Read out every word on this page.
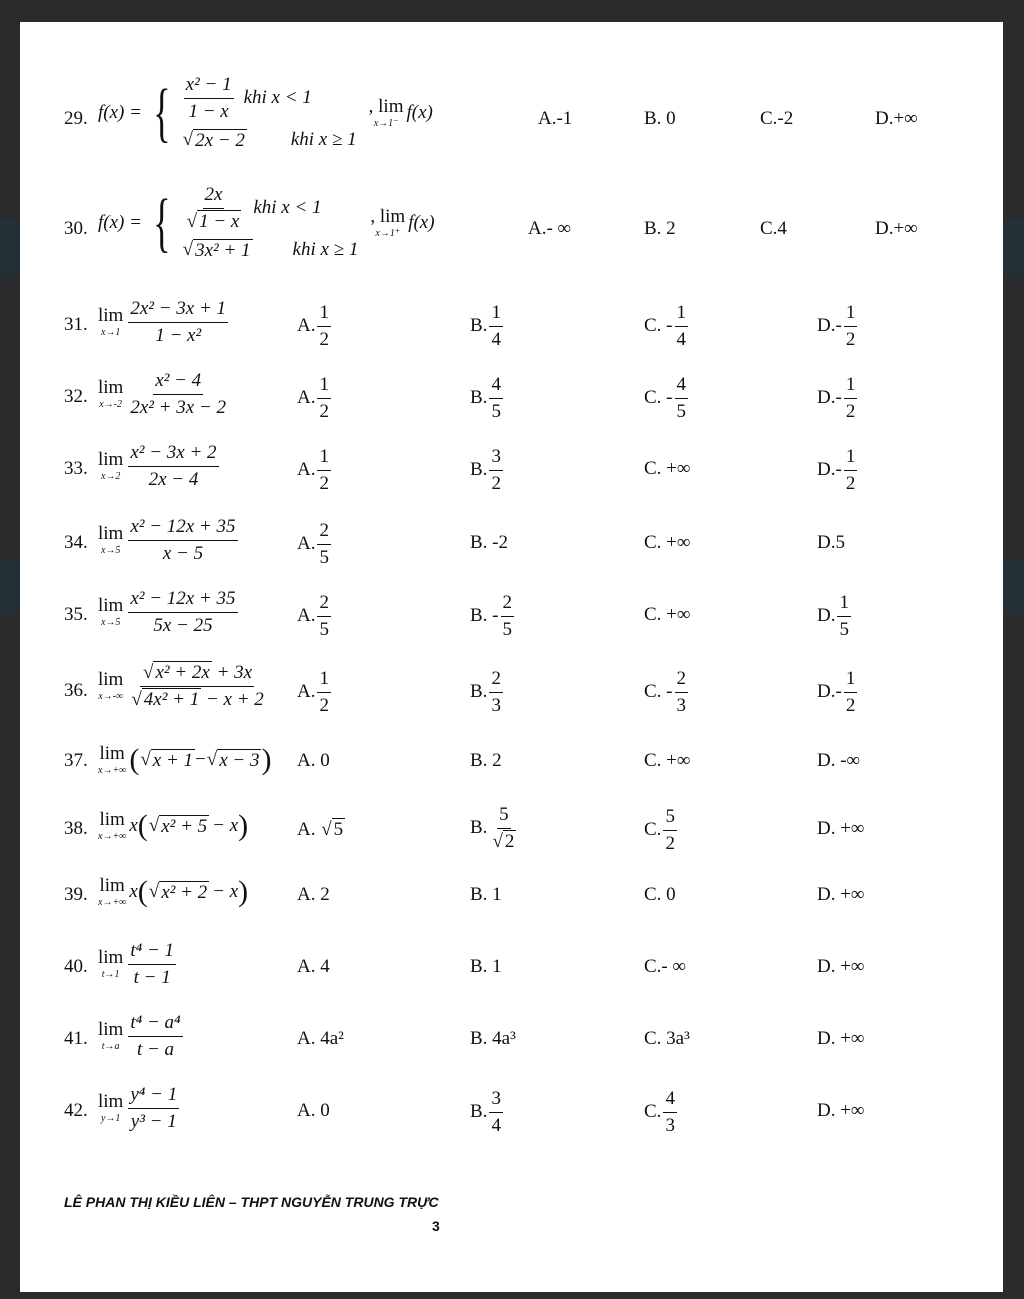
29. f(x) = { $\frac{\text{x² − 1}}{1 - x}$ khi x < 1
√ 2x − 2 khi x ≥ 1
, lim
x→1⁻
f(x)	A.-1	B. 0	C.-2	D.+∞
30. f(x) = { $\frac{2x}{√ 1 - x}$ khi x < 1
√ 3x² + 1 khi x ≥ 1
, lim
x→1⁺
f(x)	A.- ∞	B. 2	C.4	D.+∞
31. lim
$x\to 1 \frac{\text{2x² − 3x + 1}}{\text{1 − x²}}$	A. $\frac{1}{2}$	B. $\frac{1}{4}$	C. - $\frac{1}{4}$	$D.- \frac{1}{2}$
32. lim
$x\to-2 \frac{\text{x² − 4}}{\text{2x² + 3x − 2}}$	A. $\frac{1}{2}$	B. $\frac{4}{5}$	C. - $\frac{4}{5}$	$D.- \frac{1}{2}$
33. lim
$x\to 2 \frac{\text{x² − 3x + 2}}{2x - 4}$	A. $\frac{1}{2}$	B. $\frac{3}{2}$	C. +∞	$D.- \frac{1}{2}$
34. lim
$x\to 5 \frac{\text{x² − 12x + 35}}{x - 5}$	A. $\frac{2}{5}$	B. -2	C. +∞	D.5
35. lim
$x\to 5 \frac{\text{x² − 12x + 35}}{5x - 25}$	A. $\frac{2}{5}$	B. - $\frac{2}{5}$	C. +∞	D. $\frac{1}{5}$
36.
lim
$x\to-\infty \frac{\text{√ x² + 2x + 3x}}{\text{√ 4x² + 1 − x + 2}} A$. $\frac{1}{2}$	B. $\frac{2}{3}$	C. - $\frac{2}{3}$	$D.- \frac{1}{2}$
37. lim
x→+∞ ( √ x + 1 − √ x − 3 ) A. 0	B. 2	C. +∞	D. -∞
38. lim
x→+∞
x ( √ x² + 5 − x )	A.
√ 5	B. $\frac{5}{√ 2}$	C. $\frac{5}{2}$	D. +∞
39. lim
x→+∞
x ( √ x² + 2 − x )	A. 2	B. 1	C. 0	D. +∞
40. lim
$t\to 1 \frac{\text{t⁴ − 1}}{t - 1}$	A. 4	B. 1	C.- ∞	D. +∞
41. lim
$t\to a \frac{\text{t⁴ − a⁴}}{t - a}$	A. 4a²	B. 4a³	C. 3a³	D. +∞
42. lim
$y\to 1 \frac{\text{y⁴ − 1}}{\text{y³ − 1}}$	A. 0	B. $\frac{3}{4}$	C. $\frac{4}{3}$	D. +∞
LÊ PHAN THỊ KIỀU LIÊN – THPT NGUYỄN TRUNG TRỰC
3
